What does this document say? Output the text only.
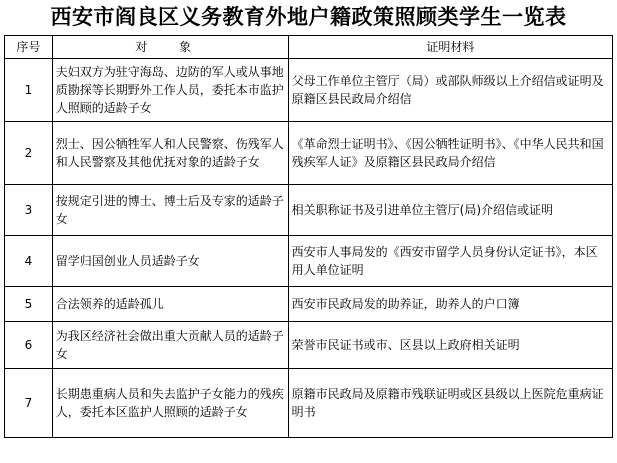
西安市阎良区义务教育外地户籍政策照顾类学生一览表
序号	对 象	证明材料
1	夫妇双方为驻守海岛、边防的军人或从事地质勘探等长期野外工作人员，委托本市监护人照顾的适龄子女	父母工作单位主管厅（局）或部队师级以上介绍信或证明及原籍区县民政局介绍信
2	烈士、因公牺牲军人和人民警察、伤残军人和人民警察及其他优抚对象的适龄子女	《革命烈士证明书》、《因公牺牲证明书》、《中华人民共和国残疾军人证》及原籍区县民政局介绍信
3	按规定引进的博士、博士后及专家的适龄子女	相关职称证书及引进单位主管厅(局)介绍信或证明
4	留学归国创业人员适龄子女	西安市人事局发的《西安市留学人员身份认定证书》，本区用人单位证明
5	合法领养的适龄孤儿	西安市民政局发的助养证，助养人的户口簿
6	为我区经济社会做出重大贡献人员的适龄子女	荣誉市民证书或市、区县以上政府相关证明
7	长期患重病人员和失去监护子女能力的残疾人，委托本区监护人照顾的适龄子女	原籍市民政局及原籍市残联证明或区县级以上医院危重病证明书
